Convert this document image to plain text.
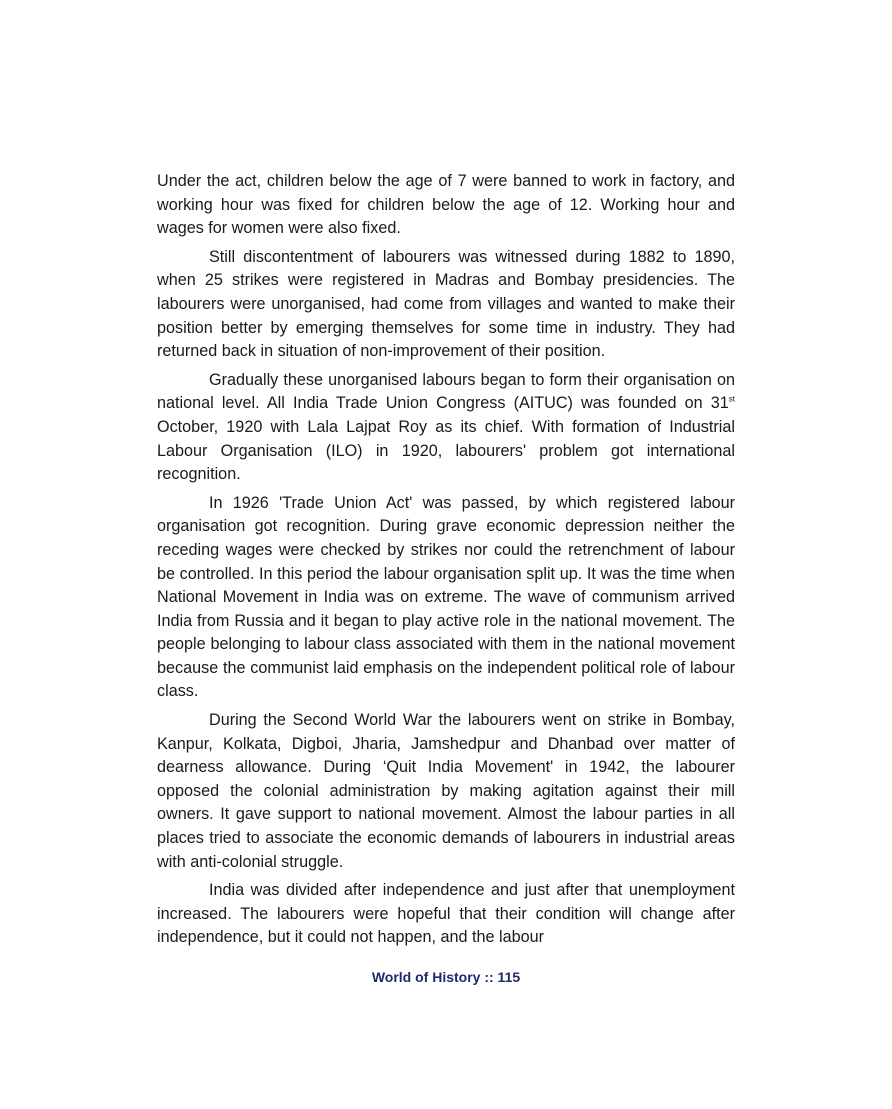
Under the act, children below the age of 7 were banned to work in factory, and working hour was fixed for children below the age of 12. Working hour and wages for women were also fixed.

Still discontentment of labourers was witnessed during 1882 to 1890, when 25 strikes were registered in Madras and Bombay presidencies. The labourers were unorganised, had come from villages and wanted to make their position better by emerging themselves for some time in industry. They had returned back in situation of non-improvement of their position.

Gradually these unorganised labours began to form their organisation on national level. All India Trade Union Congress (AITUC) was founded on 31st October, 1920 with Lala Lajpat Roy as its chief. With formation of Industrial Labour Organisation (ILO) in 1920, labourers' problem got international recognition.

In 1926 'Trade Union Act' was passed, by which registered labour organisation got recognition. During grave economic depression neither the receding wages were checked by strikes nor could the retrenchment of labour be controlled. In this period the labour organisation split up. It was the time when National Movement in India was on extreme. The wave of communism arrived India from Russia and it began to play active role in the national movement. The people belonging to labour class associated with them in the national movement because the communist laid emphasis on the independent political role of labour class.

During the Second World War the labourers went on strike in Bombay, Kanpur, Kolkata, Digboi, Jharia, Jamshedpur and Dhanbad over matter of dearness allowance. During ‘Quit India Movement' in 1942, the labourer opposed the colonial administration by making agitation against their mill owners. It gave support to national movement. Almost the labour parties in all places tried to associate the economic demands of labourers in industrial areas with anti-colonial struggle.

India was divided after independence and just after that unemployment increased. The labourers were hopeful that their condition will change after independence, but it could not happen, and the labour

World of History :: 115
